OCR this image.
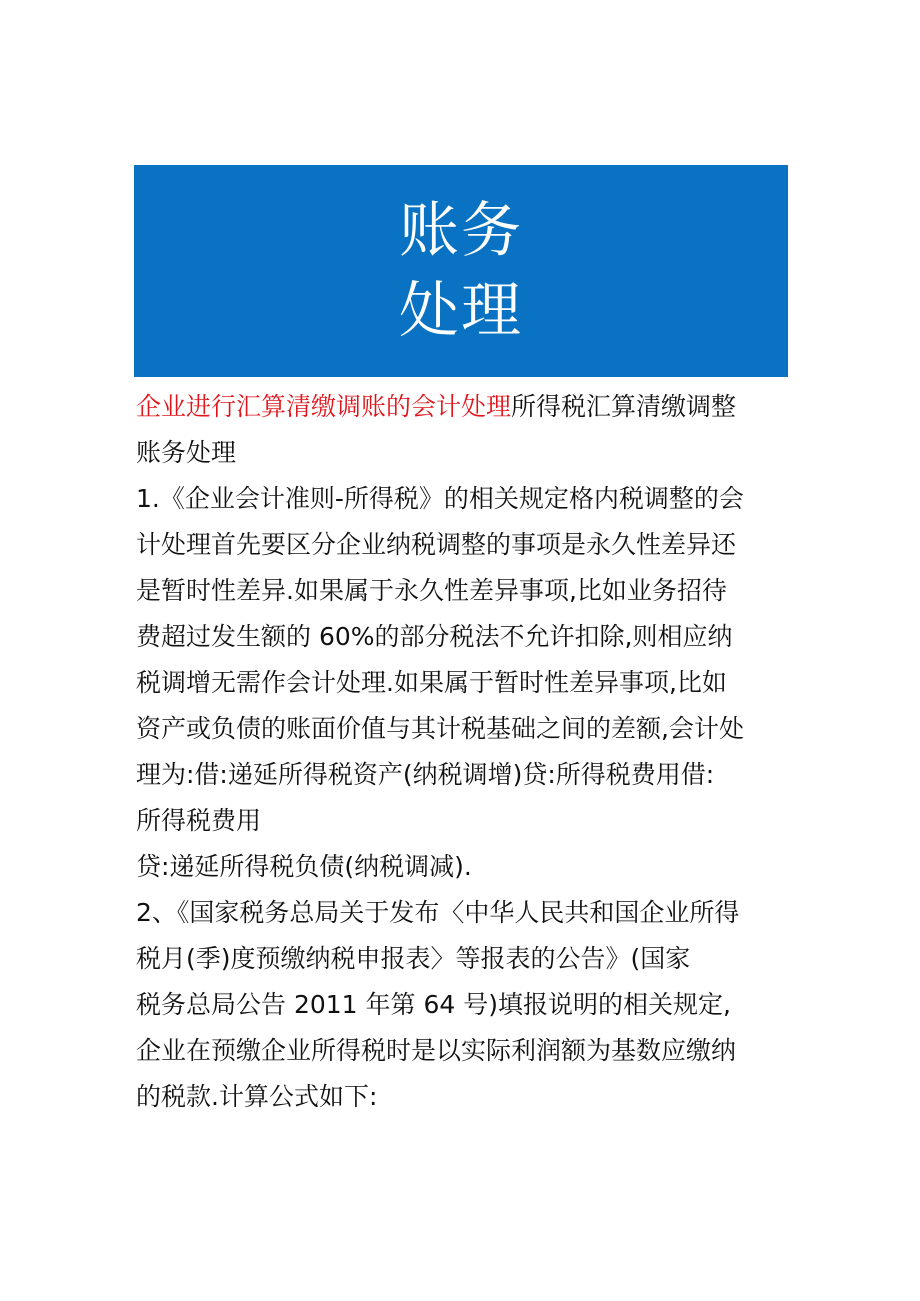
账务
处理
企业进行汇算清缴调账的会计处理所得税汇算清缴调整
账务处理
1.《企业会计准则-所得税》的相关规定格内税调整的会
计处理首先要区分企业纳税调整的事项是永久性差异还
是暂时性差异.如果属于永久性差异事项,比如业务招待
费超过发生额的 60%的部分税法不允许扣除,则相应纳
税调增无需作会计处理.如果属于暂时性差异事项,比如
资产或负债的账面价值与其计税基础之间的差额,会计处
理为:借:递延所得税资产(纳税调增)贷:所得税费用借:
所得税费用
贷:递延所得税负债(纳税调减).
2、《国家税务总局关于发布〈中华人民共和国企业所得
税月(季)度预缴纳税申报表〉等报表的公告》(国家
税务总局公告 2011 年第 64 号)填报说明的相关规定,
企业在预缴企业所得税时是以实际利润额为基数应缴纳
的税款.计算公式如下:
